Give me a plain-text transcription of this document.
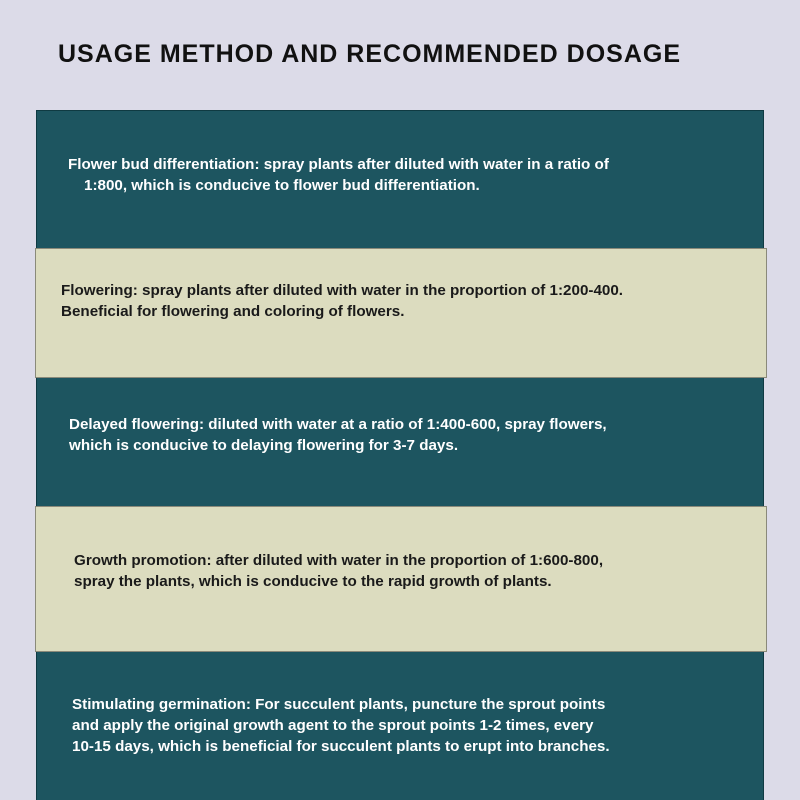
USAGE METHOD AND RECOMMENDED DOSAGE

Flower bud differentiation: spray plants after diluted with water in a ratio of
1:800, which is conducive to flower bud differentiation.

Flowering: spray plants after diluted with water in the proportion of 1:200-400.
Beneficial for flowering and coloring of flowers.

Delayed flowering: diluted with water at a ratio of 1:400-600, spray flowers,
which is conducive to delaying flowering for 3-7 days.

Growth promotion: after diluted with water in the proportion of 1:600-800,
spray the plants, which is conducive to the rapid growth of plants.

Stimulating germination: For succulent plants, puncture the sprout points
and apply the original growth agent to the sprout points 1-2 times, every
10-15 days, which is beneficial for succulent plants to erupt into branches.
